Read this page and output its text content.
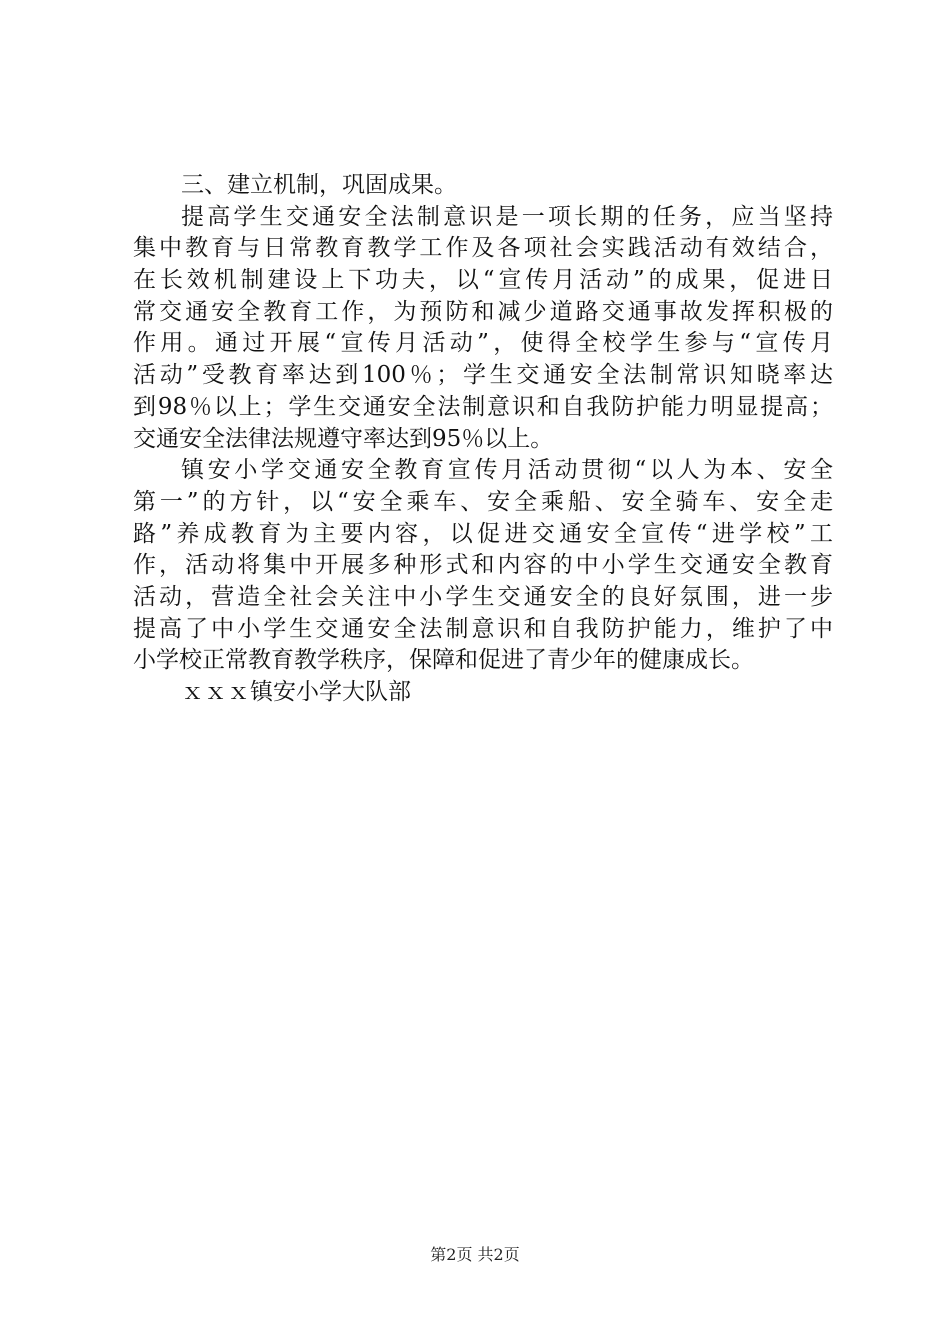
三、建立机制，巩固成果。
提高学生交通安全法制意识是一项长期的任务，应当坚持
集中教育与日常教育教学工作及各项社会实践活动有效结合，
在长效机制建设上下功夫，以“宣传月活动”的成果，促进日
常交通安全教育工作，为预防和减少道路交通事故发挥积极的
作用。通过开展“宣传月活动”，使得全校学生参与“宣传月
活动”受教育率达到100％；学生交通安全法制常识知晓率达
到98％以上；学生交通安全法制意识和自我防护能力明显提高；
交通安全法律法规遵守率达到95％以上。
镇安小学交通安全教育宣传月活动贯彻“以人为本、安全
第一”的方针，以“安全乘车、安全乘船、安全骑车、安全走
路”养成教育为主要内容，以促进交通安全宣传“进学校”工
作，活动将集中开展多种形式和内容的中小学生交通安全教育
活动，营造全社会关注中小学生交通安全的良好氛围，进一步
提高了中小学生交通安全法制意识和自我防护能力，维护了中
小学校正常教育教学秩序，保障和促进了青少年的健康成长。
ｘｘｘ镇安小学大队部
第2页 共2页
